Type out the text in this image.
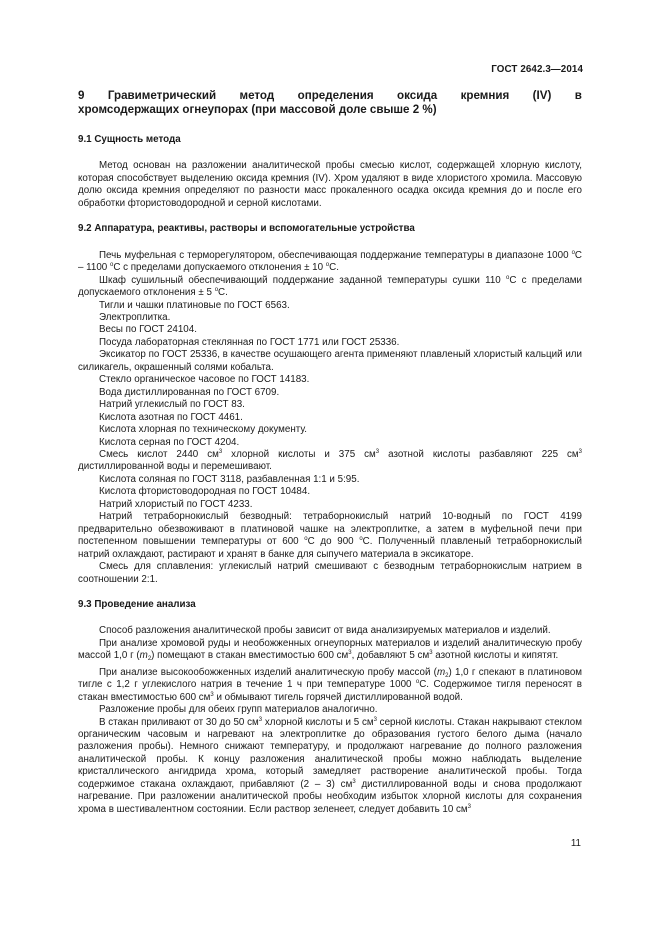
ГОСТ 2642.3—2014
9 Гравиметрический метод определения оксида кремния (IV) в
хромсодержащих огнеупорах (при массовой доле свыше 2 %)
9.1 Сущность метода

Метод основан на разложении аналитической пробы смесью кислот, содержащей хлорную кислоту, которая способствует выделению оксида кремния (IV). Хром удаляют в виде хлористого хромила. Массовую долю оксида кремния определяют по разности масс прокаленного осадка оксида кремния до и после его обработки фтористоводородной и серной кислотами.

9.2 Аппаратура, реактивы, растворы и вспомогательные устройства

Печь муфельная с терморегулятором, обеспечивающая поддержание температуры в диапазоне 1000 $^o$C – 1100 $^o$C с пределами допускаемого отклонения ± 10 $^o$C.

Шкаф сушильный обеспечивающий поддержание заданной температуры сушки 110 $^o$C с пределами допускаемого отклонения ± 5 $^o$C.

Тигли и чашки платиновые по ГОСТ 6563.

Электроплитка.

Весы по ГОСТ 24104.

Посуда лабораторная стеклянная по ГОСТ 1771 или ГОСТ 25336.

Эксикатор по ГОСТ 25336, в качестве осушающего агента применяют плавленый хлористый кальций или силикагель, окрашенный солями кобальта.

Стекло органическое часовое по ГОСТ 14183.

Вода дистиллированная по ГОСТ 6709.

Натрий углекислый по ГОСТ 83.

Кислота азотная по ГОСТ 4461.

Кислота хлорная по техническому документу.

Кислота серная по ГОСТ 4204.

Смесь кислот 2440 $см^3$ хлорной кислоты и 375 $см^3$ азотной кислоты разбавляют 225 $см^3$ дистиллированной воды и перемешивают.

Кислота соляная по ГОСТ 3118, разбавленная 1:1 и 5:95.

Кислота фтористоводородная по ГОСТ 10484.

Натрий хлористый по ГОСТ 4233.

Натрий тетраборнокислый безводный: тетраборнокислый натрий 10-водный по ГОСТ 4199 предварительно обезвоживают в платиновой чашке на электроплитке, а затем в муфельной печи при постепенном повышении температуры от 600 $^o$C до 900 $^o$C. Полученный плавленый тетраборнокислый натрий охлаждают, растирают и хранят в банке для сыпучего материала в эксикаторе.

Смесь для сплавления: углекислый натрий смешивают с безводным тетраборнокислым натрием в соотношении 2:1.

9.3 Проведение анализа

Способ разложения аналитической пробы зависит от вида анализируемых материалов и изделий.

При анализе хромовой руды и необожженных огнеупорных материалов и изделий аналитическую пробу массой 1,0 г $(m_2)$ помещают в стакан вместимостью 600 $см^3$, добавляют 5 $см^3$ азотной кислоты и кипятят.

При анализе высокообожженных изделий аналитическую пробу массой $(m_2)$ 1,0 г спекают в платиновом тигле с 1,2 г углекислого натрия в течение 1 ч при температуре 1000 $^o$C. Содержимое тигля переносят в стакан вместимостью 600 $см^3$ и обмывают тигель горячей дистиллированной водой.

Разложение пробы для обеих групп материалов аналогично.

В стакан приливают от 30 до 50 $см^3$ хлорной кислоты и 5 $см^3$ серной кислоты. Стакан накрывают стеклом органическим часовым и нагревают на электроплитке до образования густого белого дыма (начало разложения пробы). Немного снижают температуру, и продолжают нагревание до полного разложения аналитической пробы. К концу разложения аналитической пробы можно наблюдать выделение кристаллического ангидрида хрома, который замедляет растворение аналитической пробы. Тогда содержимое стакана охлаждают, прибавляют (2 – 3) $см^3$ дистиллированной воды и снова продолжают нагревание. При разложении аналитической пробы необходим избыток хлорной кислоты для сохранения хрома в шестивалентном состоянии. Если раствор зеленеет, следует добавить 10 $см^3$

11
